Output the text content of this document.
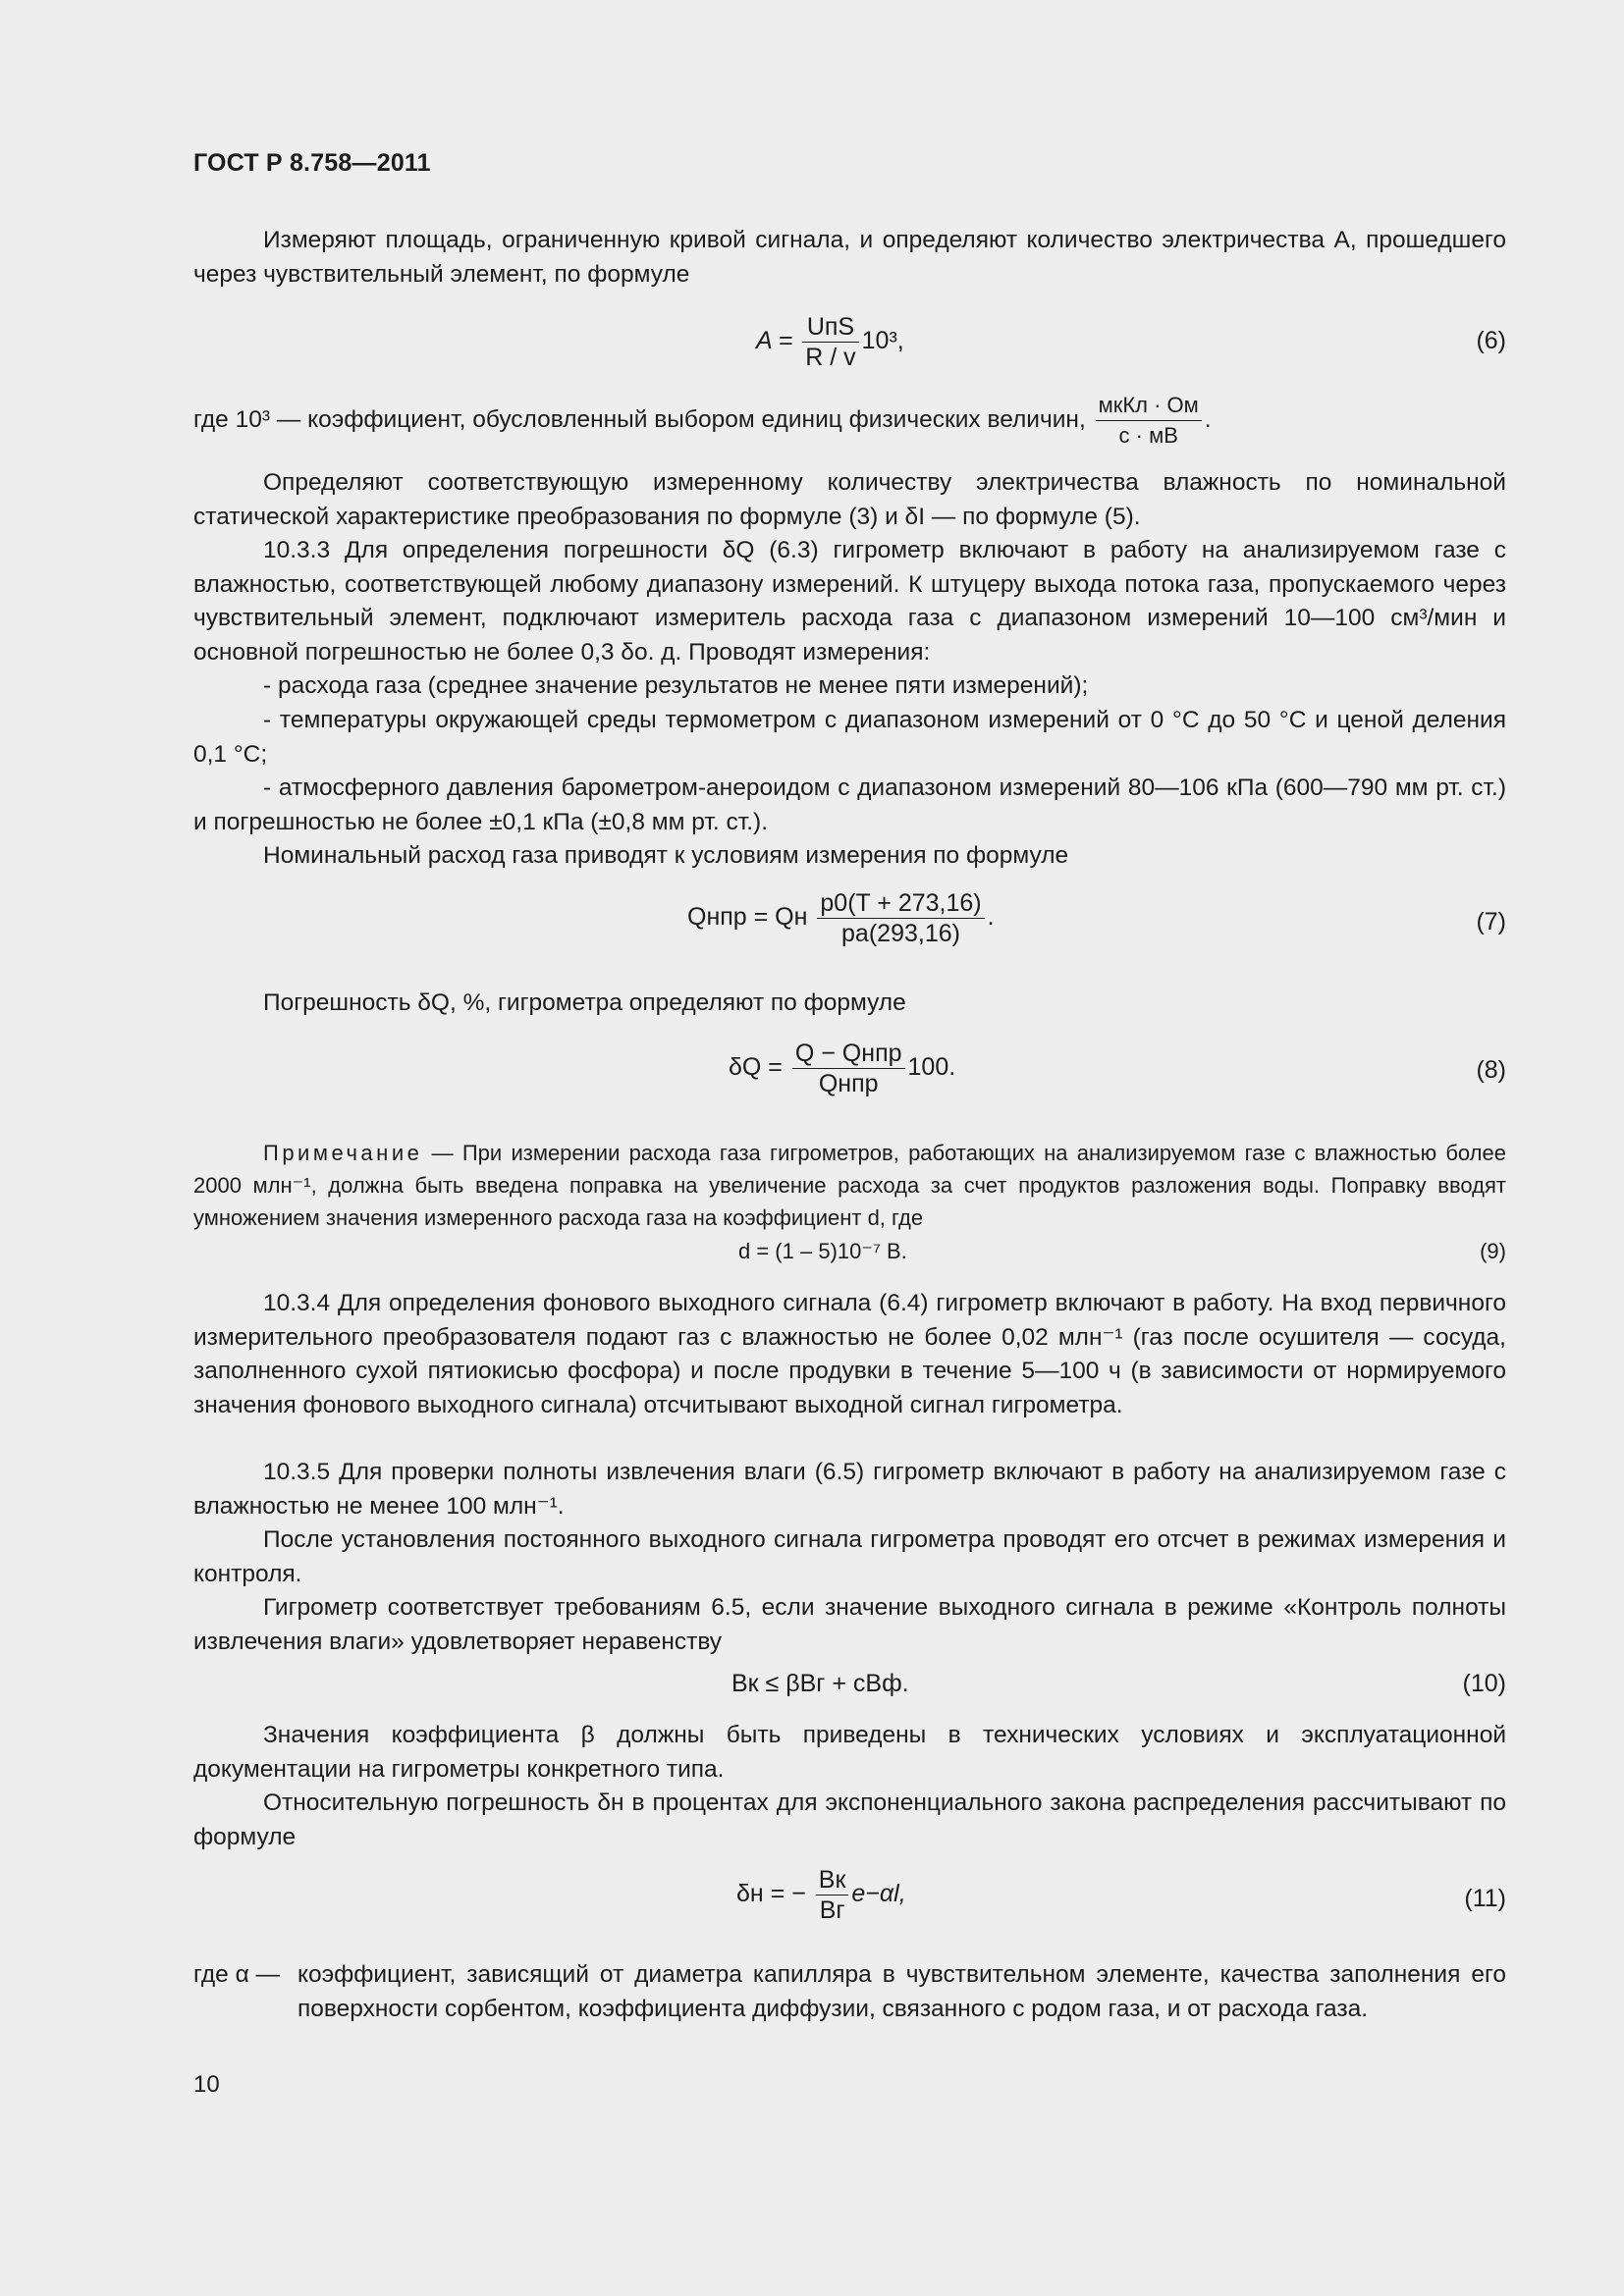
ГОСТ Р 8.758—2011
Измеряют площадь, ограниченную кривой сигнала, и определяют количество электричества A, прошедшего через чувствительный элемент, по формуле
A =
UпS
R / v
10³,	(6)
где 10³ — коэффициент, обусловленный выбором единиц физических величин,
мкКл · Ом
с · мВ
.
Определяют соответствующую измеренному количеству электричества влажность по номинальной статической характеристике преобразования по формуле (3) и δI — по формуле (5).
10.3.3 Для определения погрешности δQ (6.3) гигрометр включают в работу на анализируемом газе с влажностью, соответствующей любому диапазону измерений. К штуцеру выхода потока газа, пропускаемого через чувствительный элемент, подключают измеритель расхода газа с диапазоном измерений 10—100 см³/мин и основной погрешностью не более 0,3 δо. д. Проводят измерения:
- расхода газа (среднее значение результатов не менее пяти измерений);
- температуры окружающей среды термометром с диапазоном измерений от 0 °С до 50 °С и ценой деления 0,1 °С;
- атмосферного давления барометром-анероидом с диапазоном измерений 80—106 кПа (600—790 мм рт. ст.) и погрешностью не более ±0,1 кПа (±0,8 мм рт. ст.).
Номинальный расход газа приводят к условиям измерения по формуле
Qнпр = Qн $\frac{p0(T + 273,16)}{pa(293,16)}$ .	(7)
Погрешность δQ, %, гигрометра определяют по формуле
δQ =
Q − Qнпр
Qнпр
100.	(8)
Примечание — При измерении расхода газа гигрометров, работающих на анализируемом газе с влажностью более 2000 млн⁻¹, должна быть введена поправка на увеличение расхода за счет продуктов разложения воды. Поправку вводят умножением значения измеренного расхода газа на коэффициент d, где
d = (1 – 5)10⁻⁷ В.	(9)
10.3.4 Для определения фонового выходного сигнала (6.4) гигрометр включают в работу. На вход первичного измерительного преобразователя подают газ с влажностью не более 0,02 млн⁻¹ (газ после осушителя — сосуда, заполненного сухой пятиокисью фосфора) и после продувки в течение 5—100 ч (в зависимости от нормируемого значения фонового выходного сигнала) отсчитывают выходной сигнал гигрометра.
10.3.5 Для проверки полноты извлечения влаги (6.5) гигрометр включают в работу на анализируемом газе с влажностью не менее 100 млн⁻¹.
После установления постоянного выходного сигнала гигрометра проводят его отсчет в режимах измерения и контроля.
Гигрометр соответствует требованиям 6.5, если значение выходного сигнала в режиме «Контроль полноты извлечения влаги» удовлетворяет неравенству
Bк ≤ βBг + cBф.	(10)
Значения коэффициента β должны быть приведены в технических условиях и эксплуатационной документации на гигрометры конкретного типа.
Относительную погрешность δн в процентах для экспоненциального закона распределения рассчитывают по формуле
δн = −
Bк
Bг
e−αl,	(11)
где α — коэффициент, зависящий от диаметра капилляра в чувствительном элементе, качества заполнения его поверхности сорбентом, коэффициента диффузии, связанного с родом газа, и от расхода газа.
10
